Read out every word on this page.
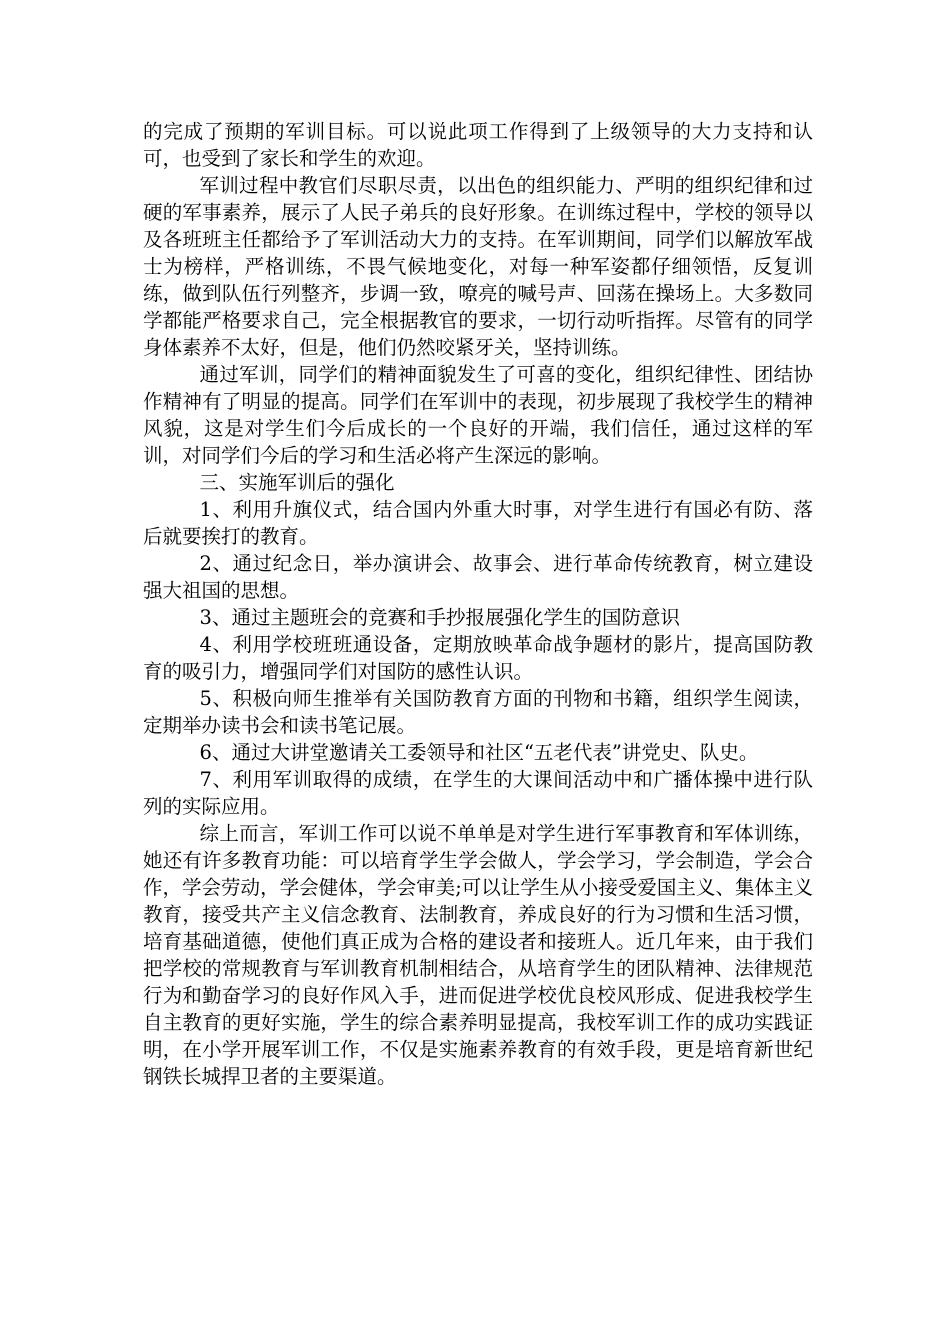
的完成了预期的军训目标。可以说此项工作得到了上级领导的大力支持和认可，也受到了家长和学生的欢迎。

军训过程中教官们尽职尽责，以出色的组织能力、严明的组织纪律和过硬的军事素养，展示了人民子弟兵的良好形象。在训练过程中，学校的领导以及各班班主任都给予了军训活动大力的支持。在军训期间，同学们以解放军战士为榜样，严格训练，不畏气候地变化，对每一种军姿都仔细领悟，反复训练，做到队伍行列整齐，步调一致，嘹亮的喊号声、回荡在操场上。大多数同学都能严格要求自己，完全根据教官的要求，一切行动听指挥。尽管有的同学身体素养不太好，但是，他们仍然咬紧牙关，坚持训练。

通过军训，同学们的精神面貌发生了可喜的变化，组织纪律性、团结协作精神有了明显的提高。同学们在军训中的表现，初步展现了我校学生的精神风貌，这是对学生们今后成长的一个良好的开端，我们信任，通过这样的军训，对同学们今后的学习和生活必将产生深远的影响。

三、实施军训后的强化

1、利用升旗仪式，结合国内外重大时事，对学生进行有国必有防、落后就要挨打的教育。

2、通过纪念日，举办演讲会、故事会、进行革命传统教育，树立建设强大祖国的思想。

3、通过主题班会的竞赛和手抄报展强化学生的国防意识

4、利用学校班班通设备，定期放映革命战争题材的影片，提高国防教育的吸引力，增强同学们对国防的感性认识。

5、积极向师生推举有关国防教育方面的刊物和书籍，组织学生阅读，定期举办读书会和读书笔记展。

6、通过大讲堂邀请关工委领导和社区“五老代表”讲党史、队史。

7、利用军训取得的成绩，在学生的大课间活动中和广播体操中进行队列的实际应用。

综上而言，军训工作可以说不单单是对学生进行军事教育和军体训练，她还有许多教育功能：可以培育学生学会做人，学会学习，学会制造，学会合作，学会劳动，学会健体，学会审美;可以让学生从小接受爱国主义、集体主义教育，接受共产主义信念教育、法制教育，养成良好的行为习惯和生活习惯，培育基础道德，使他们真正成为合格的建设者和接班人。近几年来，由于我们把学校的常规教育与军训教育机制相结合，从培育学生的团队精神、法律规范行为和勤奋学习的良好作风入手，进而促进学校优良校风形成、促进我校学生自主教育的更好实施，学生的综合素养明显提高，我校军训工作的成功实践证明，在小学开展军训工作，不仅是实施素养教育的有效手段，更是培育新世纪钢铁长城捍卫者的主要渠道。
